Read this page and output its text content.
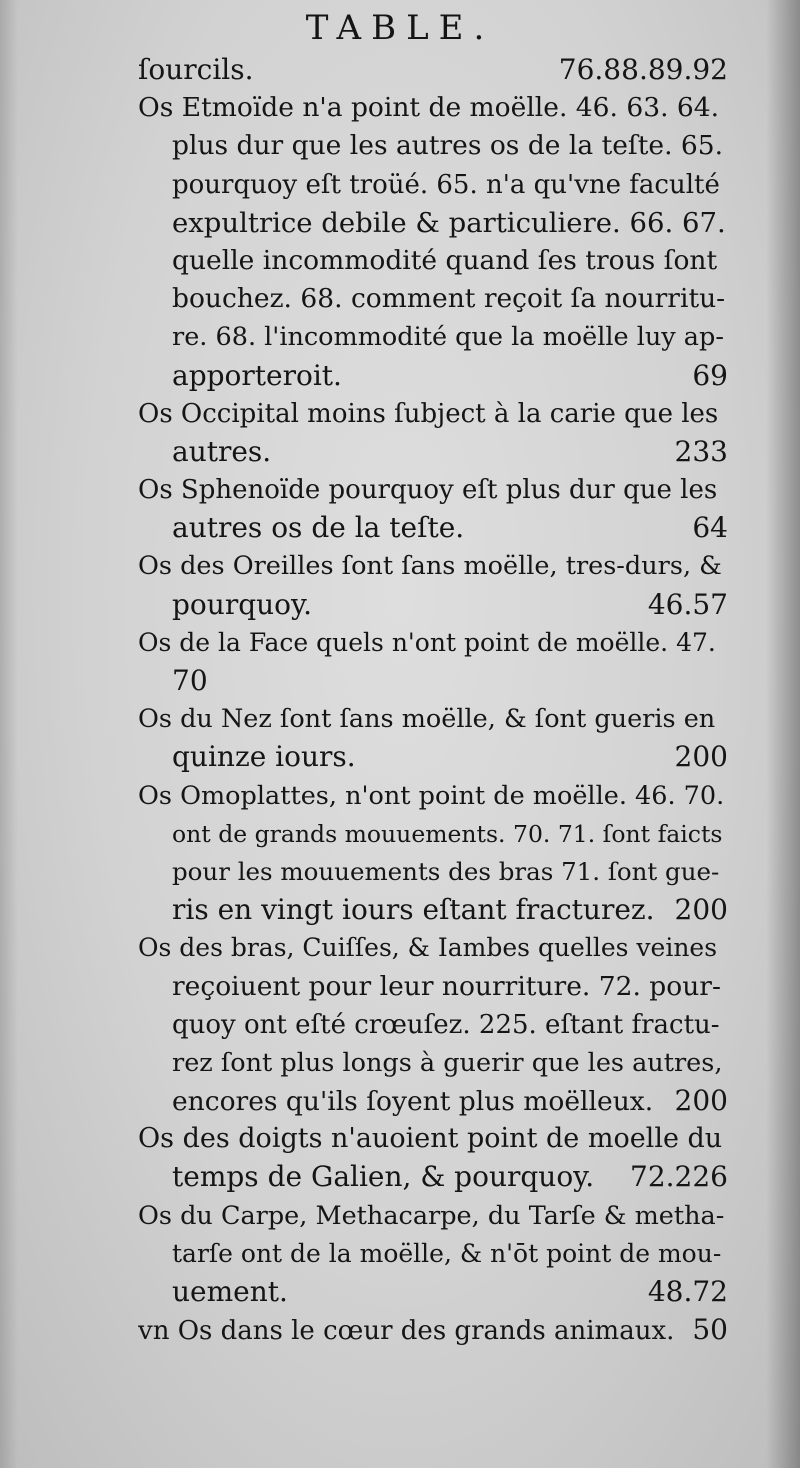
TABLE.
ſourcils.	76.88.89.92
Os Etmoïde n'a point de moëlle. 46. 63. 64.
plus dur que les autres os de la teſte. 65.
pourquoy eſt troüé. 65. n'a qu'vne faculté
expultrice debile & particuliere. 66. 67.
quelle incommodité quand ſes trous ſont
bouchez. 68. comment reçoit ſa nourritu-
re. 68. l'incommodité que la moëlle luy ap-
apporteroit.	69
Os Occipital moins ſubject à la carie que les
autres.	233
Os Sphenoïde pourquoy eſt plus dur que les
autres os de la teſte.	64
Os des Oreilles ſont ſans moëlle, tres-durs, &
pourquoy.	46.57
Os de la Face quels n'ont point de moëlle. 47.
70
Os du Nez ſont ſans moëlle, & ſont gueris en
quinze iours.	200
Os Omoplattes, n'ont point de moëlle. 46. 70.
ont de grands mouuements. 70. 71. ſont faicts
pour les mouuements des bras 71. ſont gue-
ris en vingt iours eſtant fracturez. 200
Os des bras, Cuiſſes, & Iambes quelles veines
reçoiuent pour leur nourriture. 72. pour-
quoy ont eſté crœuſez. 225. eſtant fractu-
rez ſont plus longs à guerir que les autres,
encores qu'ils ſoyent plus moëlleux. 200
Os des doigts n'auoient point de moelle du
temps de Galien, & pourquoy.	72.226
Os du Carpe, Methacarpe, du Tarſe & metha-
tarſe ont de la moëlle, & n'ōt point de mou-
uement.	48.72
vn Os dans le cœur des grands animaux. 50
